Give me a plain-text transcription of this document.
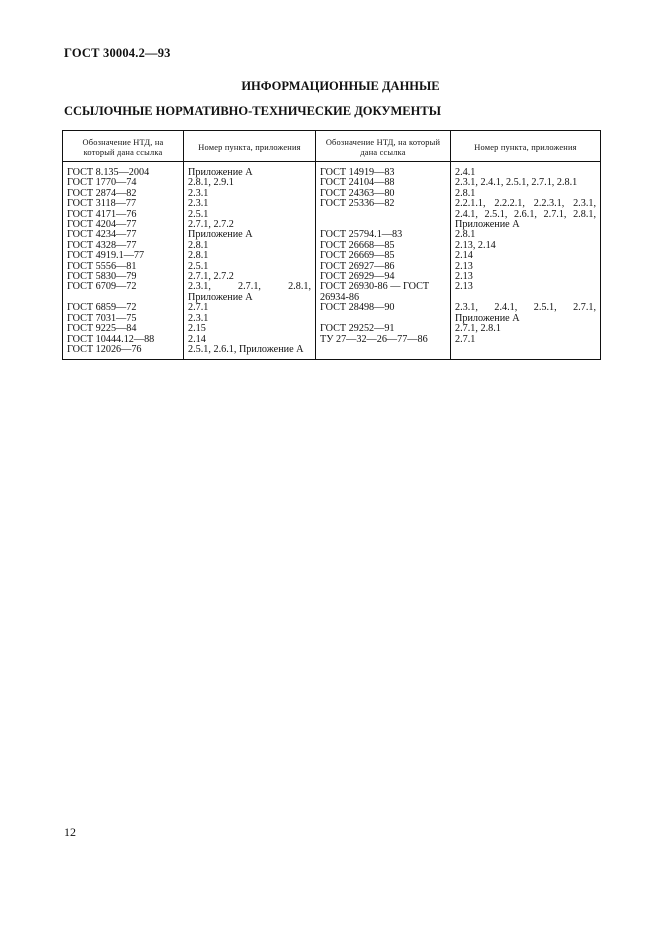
ГОСТ 30004.2—93
ИНФОРМАЦИОННЫЕ ДАННЫЕ
ССЫЛОЧНЫЕ НОРМАТИВНО-ТЕХНИЧЕСКИЕ ДОКУМЕНТЫ
Обозначение НТД, на который дана ссылка	Номер пункта, приложения	Обозначение НТД, на который дана ссылка	Номер пункта, приложения
ГОСТ 8.135—2004	Приложение А	ГОСТ 14919—83	2.4.1
ГОСТ 1770—74	2.8.1, 2.9.1	ГОСТ 24104—88	2.3.1, 2.4.1, 2.5.1, 2.7.1, 2.8.1
ГОСТ 2874—82	2.3.1	ГОСТ 24363—80	2.8.1
ГОСТ 3118—77	2.3.1	ГОСТ 25336—82	2.2.1.1, 2.2.2.1, 2.2.3.1, 2.3.1, 2.4.1, 2.5.1, 2.6.1, 2.7.1, 2.8.1, Приложение А
ГОСТ 4171—76	2.5.1		
ГОСТ 4204—77	2.7.1, 2.7.2		
ГОСТ 4234—77	Приложение А	ГОСТ 25794.1—83	2.8.1
ГОСТ 4328—77	2.8.1	ГОСТ 26668—85	2.13, 2.14
ГОСТ 4919.1—77	2.8.1	ГОСТ 26669—85	2.14
ГОСТ 5556—81	2.5.1	ГОСТ 26927—86	2.13
ГОСТ 5830—79	2.7.1, 2.7.2	ГОСТ 26929—94	2.13
ГОСТ 6709—72	2.3.1, 2.7.1, 2.8.1, Приложение А	ГОСТ 26930-86 — ГОСТ 26934-86	2.13
ГОСТ 6859—72	2.7.1	ГОСТ 28498—90	2.3.1, 2.4.1, 2.5.1, 2.7.1, Приложение А
ГОСТ 7031—75	2.3.1		
ГОСТ 9225—84	2.15	ГОСТ 29252—91	2.7.1, 2.8.1
ГОСТ 10444.12—88	2.14	ТУ 27—32—26—77—86	2.7.1
ГОСТ 12026—76	2.5.1, 2.6.1, Приложение А		
12
